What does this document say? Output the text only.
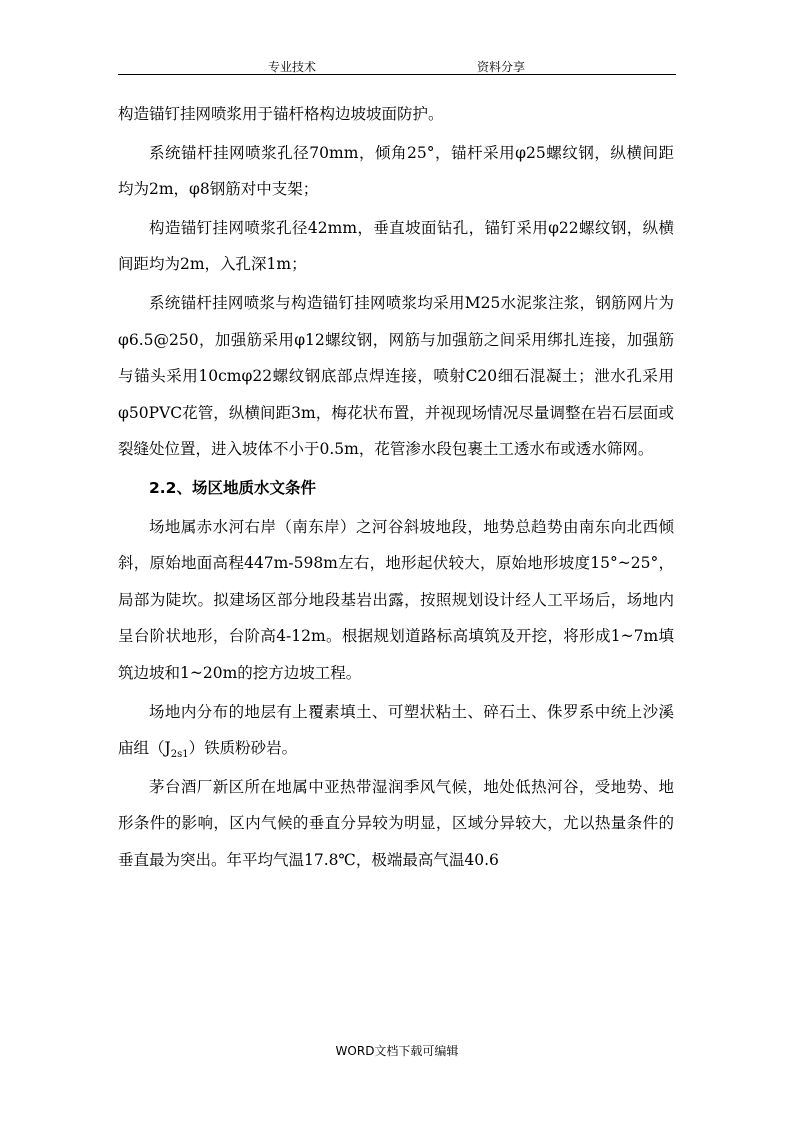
专业技术	资料分享

构造锚钉挂网喷浆用于锚杆格构边坡坡面防护。

系统锚杆挂网喷浆孔径70mm，倾角25°，锚杆采用φ25螺纹钢，纵横间距均为2m，φ8钢筋对中支架；

构造锚钉挂网喷浆孔径42mm，垂直坡面钻孔，锚钉采用φ22螺纹钢，纵横间距均为2m，入孔深1m；

系统锚杆挂网喷浆与构造锚钉挂网喷浆均采用M25水泥浆注浆，钢筋网片为φ6.5@250，加强筋采用φ12螺纹钢，网筋与加强筋之间采用绑扎连接，加强筋与锚头采用10cmφ22螺纹钢底部点焊连接，喷射C20细石混凝土；泄水孔采用φ50PVC花管，纵横间距3m，梅花状布置，并视现场情况尽量调整在岩石层面或裂缝处位置，进入坡体不小于0.5m，花管渗水段包裹土工透水布或透水筛网。

2.2、场区地质水文条件

场地属赤水河右岸（南东岸）之河谷斜坡地段，地势总趋势由南东向北西倾斜，原始地面高程447m-598m左右，地形起伏较大，原始地形坡度15°~25°，局部为陡坎。拟建场区部分地段基岩出露，按照规划设计经人工平场后，场地内呈台阶状地形，台阶高4-12m。根据规划道路标高填筑及开挖，将形成1~7m填筑边坡和1~20m的挖方边坡工程。

场地内分布的地层有上覆素填土、可塑状粘土、碎石土、侏罗系中统上沙溪庙组$(J_{2s1})$铁质粉砂岩。

茅台酒厂新区所在地属中亚热带湿润季风气候，地处低热河谷，受地势、地形条件的影响，区内气候的垂直分异较为明显，区域分异较大，尤以热量条件的垂直最为突出。年平均气温17.8℃，极端最高气温40.6

WORD文档下载可编辑
